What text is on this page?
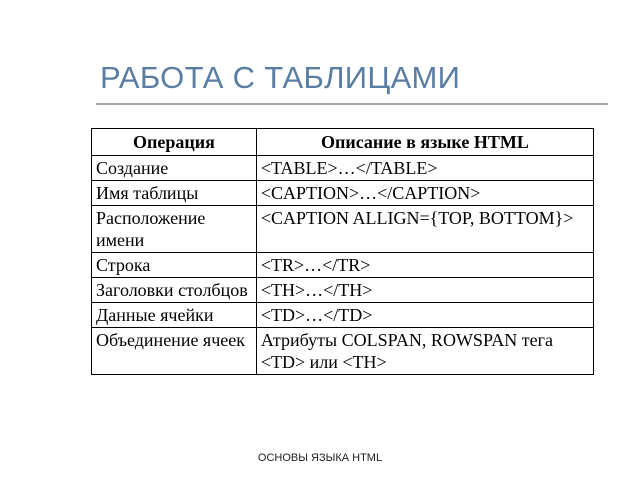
РАБОТА С ТАБЛИЦАМИ
Операция	Описание в языке HTML
Создание	<TABLE>…</TABLE>
Имя таблицы	<CAPTION>…</CAPTION>
Расположение имени	<CAPTION ALLIGN={TOP, BOTTOM}>
Строка	<TR>…</TR>
Заголовки столбцов	<TH>…</TH>
Данные ячейки	<TD>…</TD>
Объединение ячеек	Атрибуты COLSPAN, ROWSPAN тега <TD> или <TH>
ОСНОВЫ ЯЗЫКА HTML
